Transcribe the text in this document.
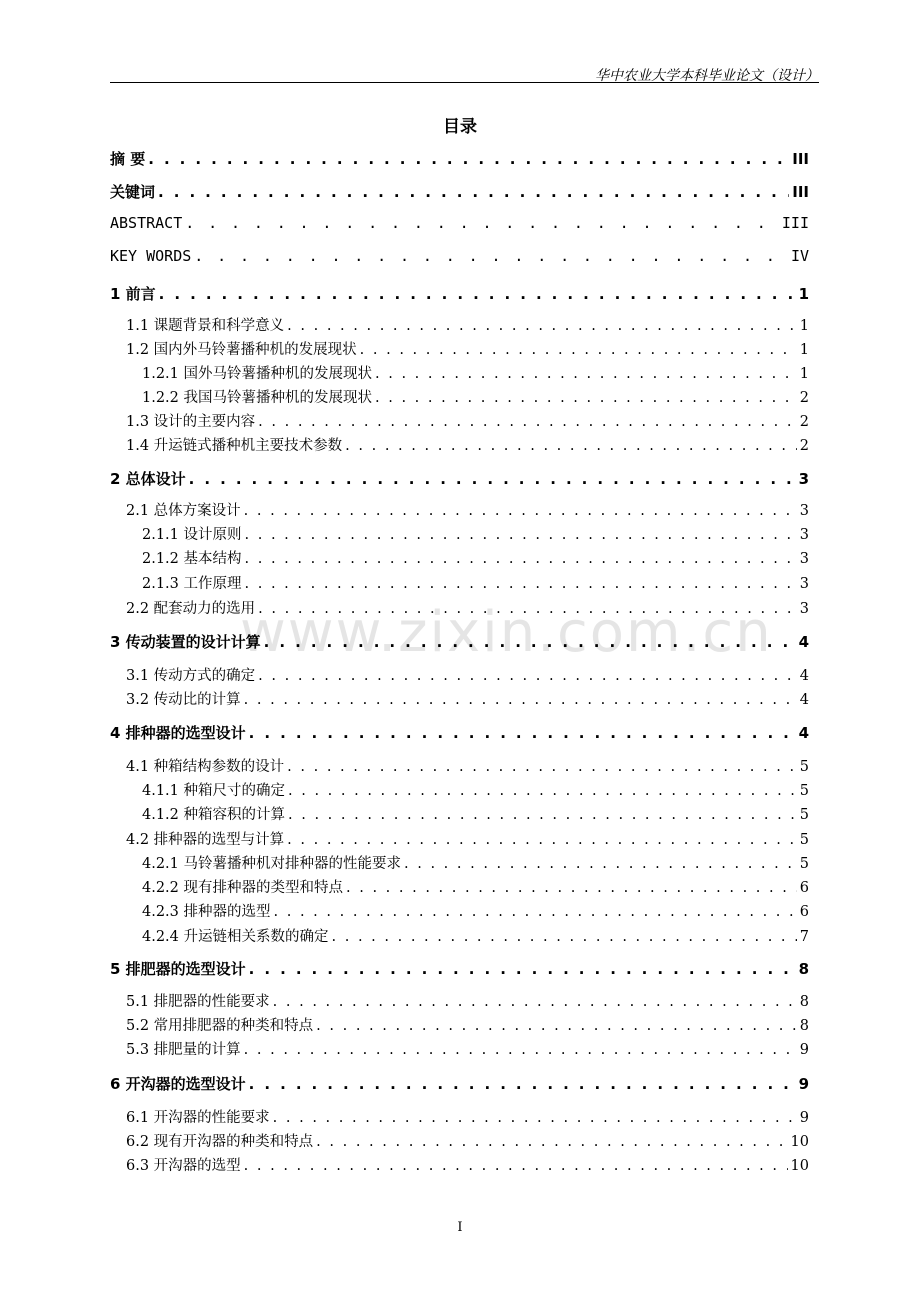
华中农业大学本科毕业论文（设计）
目录
www.zixin.com.cn
摘 要 . . .	III
关键词 . . .	III
ABSTRACT . . .	III
KEY WORDS . . .	IV
1 前言 . . .	1
1.1 课题背景和科学意义 . . .	1
1.2 国内外马铃薯播种机的发展现状 . . .	1
1.2.1 国外马铃薯播种机的发展现状 . . .	1
1.2.2 我国马铃薯播种机的发展现状 . . .	2
1.3 设计的主要内容 . . .	2
1.4 升运链式播种机主要技术参数 . . .	2
2 总体设计 . . .	3
2.1 总体方案设计 . . .	3
2.1.1 设计原则 . . .	3
2.1.2 基本结构 . . .	3
2.1.3 工作原理 . . .	3
2.2 配套动力的选用 . . .	3
3 传动装置的设计计算 . . .	4
3.1 传动方式的确定 . . .	4
3.2 传动比的计算 . . .	4
4 排种器的选型设计 . . .	4
4.1 种箱结构参数的设计 . . .	5
4.1.1 种箱尺寸的确定 . . .	5
4.1.2 种箱容积的计算 . . .	5
4.2 排种器的选型与计算 . . .	5
4.2.1 马铃薯播种机对排种器的性能要求 . . .	5
4.2.2 现有排种器的类型和特点 . . .	6
4.2.3 排种器的选型 . . .	6
4.2.4 升运链相关系数的确定 . . .	7
5 排肥器的选型设计 . . .	8
5.1 排肥器的性能要求 . . .	8
5.2 常用排肥器的种类和特点 . . .	8
5.3 排肥量的计算 . . .	9
6 开沟器的选型设计 . . .	9
6.1 开沟器的性能要求 . . .	9
6.2 现有开沟器的种类和特点 . . .	10
6.3 开沟器的选型 . . .	10
I
